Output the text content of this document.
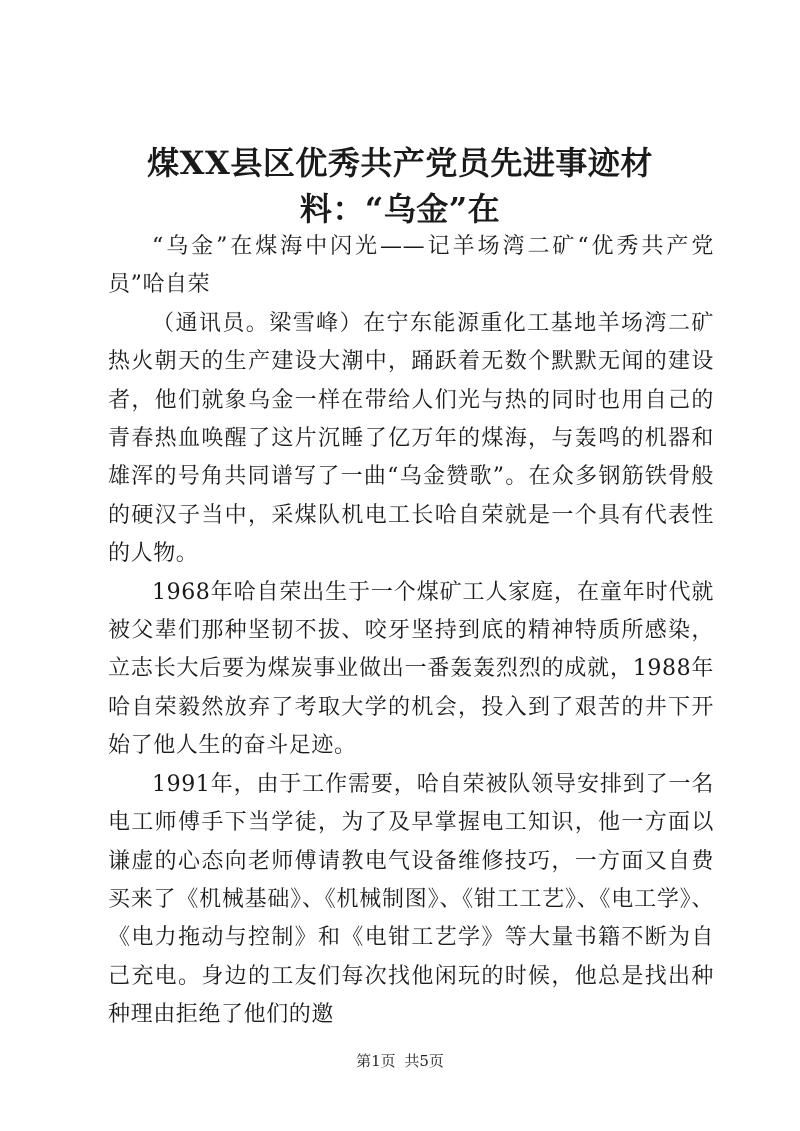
煤XX县区优秀共产党员先进事迹材料：“乌金”在

“乌金”在煤海中闪光——记羊场湾二矿“优秀共产党员”哈自荣

（通讯员。梁雪峰）在宁东能源重化工基地羊场湾二矿热火朝天的生产建设大潮中，踊跃着无数个默默无闻的建设者，他们就象乌金一样在带给人们光与热的同时也用自己的青春热血唤醒了这片沉睡了亿万年的煤海，与轰鸣的机器和雄浑的号角共同谱写了一曲“乌金赞歌”。在众多钢筋铁骨般的硬汉子当中，采煤队机电工长哈自荣就是一个具有代表性的人物。

1968年哈自荣出生于一个煤矿工人家庭，在童年时代就被父辈们那种坚韧不拔、咬牙坚持到底的精神特质所感染，立志长大后要为煤炭事业做出一番轰轰烈烈的成就，1988年哈自荣毅然放弃了考取大学的机会，投入到了艰苦的井下开始了他人生的奋斗足迹。

1991年，由于工作需要，哈自荣被队领导安排到了一名电工师傅手下当学徒，为了及早掌握电工知识，他一方面以谦虚的心态向老师傅请教电气设备维修技巧，一方面又自费买来了《机械基础》、《机械制图》、《钳工工艺》、《电工学》、《电力拖动与控制》和《电钳工艺学》等大量书籍不断为自己充电。身边的工友们每次找他闲玩的时候，他总是找出种种理由拒绝了他们的邀

第1页 共5页
